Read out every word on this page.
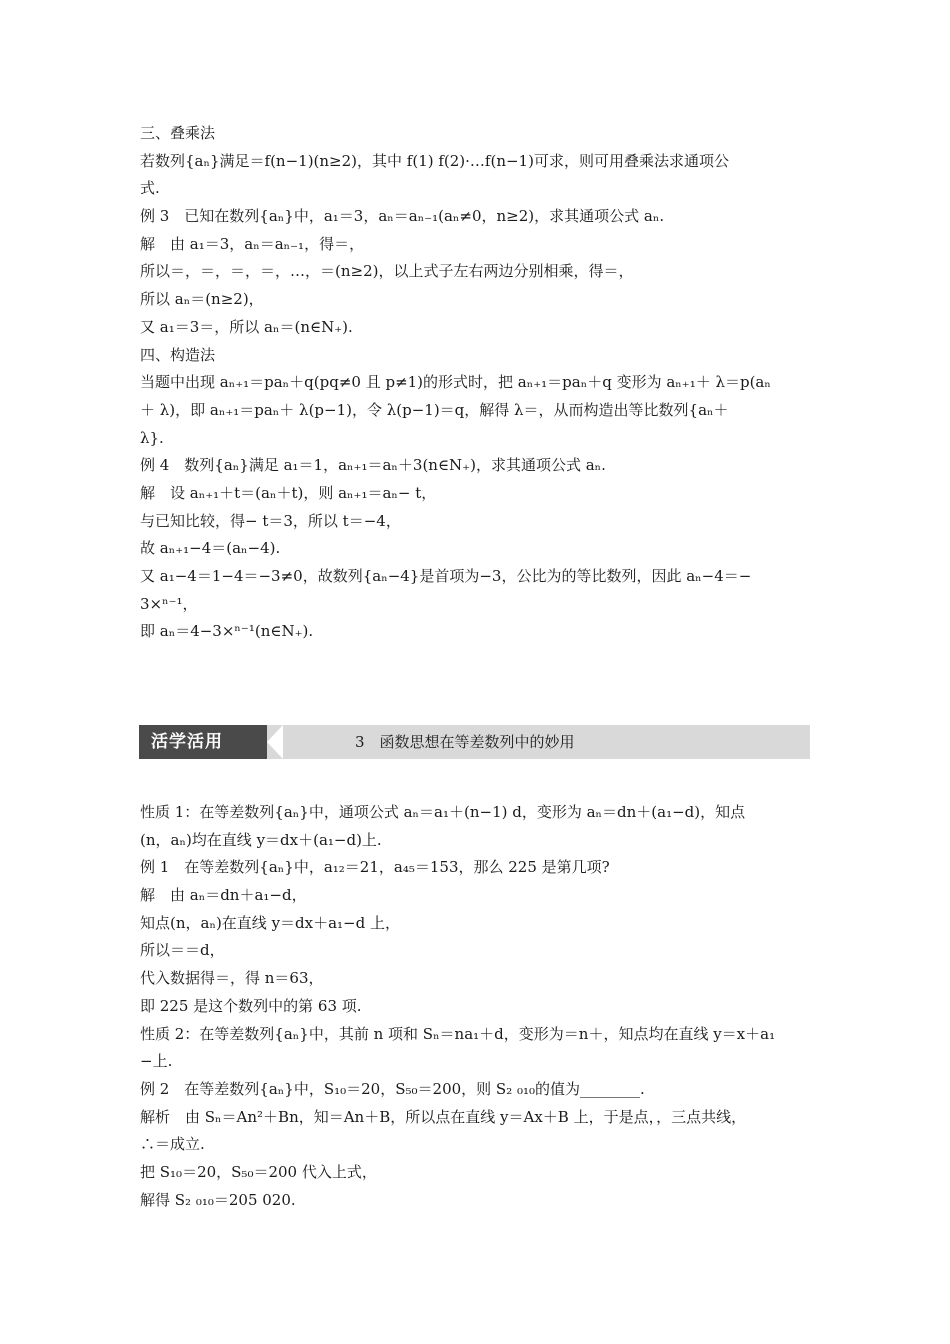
三、叠乘法
若数列{aₙ}满足＝f(n−1)(n≥2)，其中 f(1) f(2)·…f(n−1)可求，则可用叠乘法求通项公
式.
例 3　已知在数列{aₙ}中，a₁＝3，aₙ＝aₙ₋₁(aₙ≠0，n≥2)，求其通项公式 aₙ.
解　由 a₁＝3，aₙ＝aₙ₋₁，得＝，
所以＝，＝，＝，＝，…，＝(n≥2)，以上式子左右两边分别相乘，得＝，
所以 aₙ＝(n≥2)，
又 a₁＝3＝，所以 aₙ＝(n∈N₊).
四、构造法
当题中出现 aₙ₊₁＝paₙ＋q(pq≠0 且 p≠1)的形式时，把 aₙ₊₁＝paₙ＋q 变形为 aₙ₊₁＋ λ＝p(aₙ
＋ λ)，即 aₙ₊₁＝paₙ＋ λ(p−1)，令 λ(p−1)＝q，解得 λ＝，从而构造出等比数列{aₙ＋
λ}.
例 4　数列{aₙ}满足 a₁＝1，aₙ₊₁＝aₙ＋3(n∈N₊)，求其通项公式 aₙ.
解　设 aₙ₊₁＋t＝(aₙ＋t)，则 aₙ₊₁＝aₙ− t，
与已知比较，得− t＝3，所以 t＝−4，
故 aₙ₊₁−4＝(aₙ−4).
又 a₁−4＝1−4＝−3≠0，故数列{aₙ−4}是首项为−3，公比为的等比数列，因此 aₙ−4＝−
3×ⁿ⁻¹，
即 aₙ＝4−3×ⁿ⁻¹(n∈N₊).
活学活用	3　函数思想在等差数列中的妙用
性质 1：在等差数列{aₙ}中，通项公式 aₙ＝a₁＋(n−1) d，变形为 aₙ＝dn＋(a₁−d)，知点
(n，aₙ)均在直线 y＝dx＋(a₁−d)上.
例 1　在等差数列{aₙ}中，a₁₂＝21，a₄₅＝153，那么 225 是第几项?
解　由 aₙ＝dn＋a₁−d，
知点(n，aₙ)在直线 y＝dx＋a₁−d 上，
所以＝＝d，
代入数据得＝，得 n＝63，
即 225 是这个数列中的第 63 项.
性质 2：在等差数列{aₙ}中，其前 n 项和 Sₙ＝na₁＋d，变形为＝n＋，知点均在直线 y＝x＋a₁
−上.
例 2　在等差数列{aₙ}中，S₁₀＝20，S₅₀＝200，则 S₂ ₀₁₀的值为________.
解析　由 Sₙ＝An²＋Bn，知＝An＋B，所以点在直线 y＝Ax＋B 上，于是点，，三点共线，
∴＝成立.
把 S₁₀＝20，S₅₀＝200 代入上式，
解得 S₂ ₀₁₀＝205 020.
